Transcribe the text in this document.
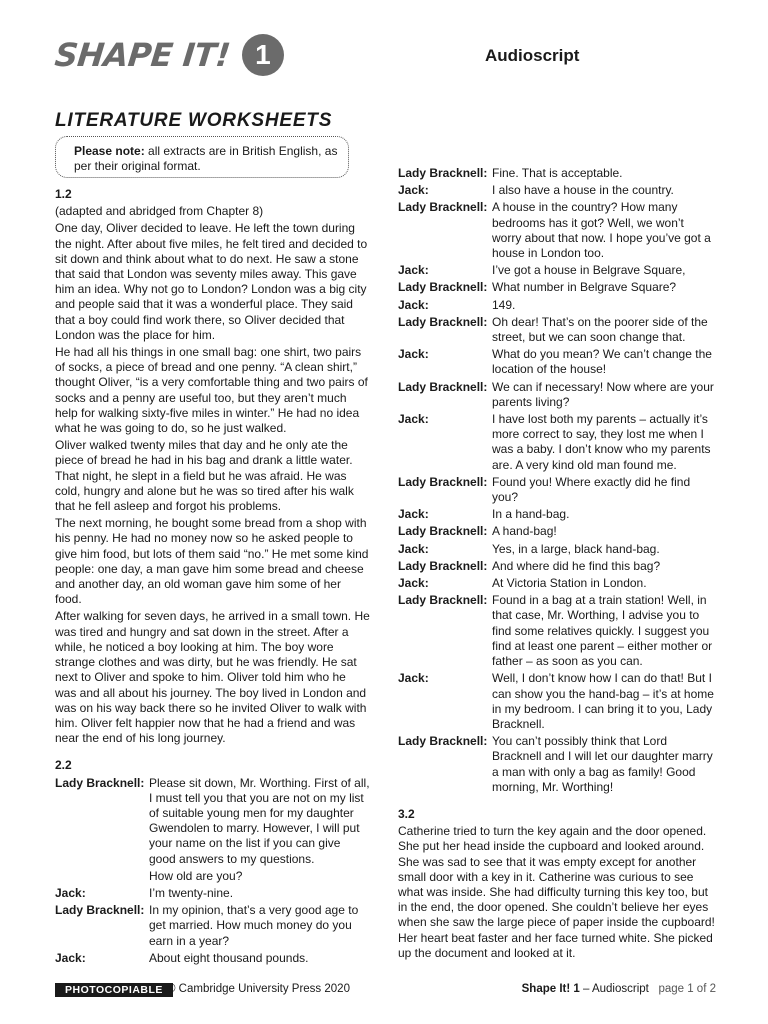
SHAPE IT! 1	Audioscript
LITERATURE WORKSHEETS
Please note: all extracts are in British English, as per their original format.

1.2

(adapted and abridged from Chapter 8)

One day, Oliver decided to leave. He left the town during the night. After about five miles, he felt tired and decided to sit down and think about what to do next. He saw a stone that said that London was seventy miles away. This gave him an idea. Why not go to London? London was a big city and people said that it was a wonderful place. They said that a boy could find work there, so Oliver decided that London was the place for him.

He had all his things in one small bag: one shirt, two pairs of socks, a piece of bread and one penny. “A clean shirt,” thought Oliver, “is a very comfortable thing and two pairs of socks and a penny are useful too, but they aren’t much help for walking sixty-five miles in winter.” He had no idea what he was going to do, so he just walked.

Oliver walked twenty miles that day and he only ate the piece of bread he had in his bag and drank a little water. That night, he slept in a field but he was afraid. He was cold, hungry and alone but he was so tired after his walk that he fell asleep and forgot his problems.

The next morning, he bought some bread from a shop with his penny. He had no money now so he asked people to give him food, but lots of them said “no.” He met some kind people: one day, a man gave him some bread and cheese and another day, an old woman gave him some of her food.

After walking for seven days, he arrived in a small town. He was tired and hungry and sat down in the street. After a while, he noticed a boy looking at him. The boy wore strange clothes and was dirty, but he was friendly. He sat next to Oliver and spoke to him. Oliver told him who he was and all about his journey. The boy lived in London and was on his way back there so he invited Oliver to walk with him. Oliver felt happier now that he had a friend and was near the end of his long journey.

2.2

Lady Bracknell: Please sit down, Mr. Worthing. First of all, I must tell you that you are not on my list of suitable young men for my daughter Gwendolen to marry. However, I will put your name on the list if you can give good answers to my questions.
How old are you?
Jack:	I’m twenty-nine.
Lady Bracknell: In my opinion, that’s a very good age to get married. How much money do you earn in a year?
Jack:	About eight thousand pounds.
Lady Bracknell: Fine. That is acceptable.
Jack:	I also have a house in the country.
Lady Bracknell: A house in the country? How many bedrooms has it got? Well, we won’t worry about that now. I hope you’ve got a house in London too.
Jack:	I’ve got a house in Belgrave Square,
Lady Bracknell: What number in Belgrave Square?
Jack:	149.
Lady Bracknell: Oh dear! That’s on the poorer side of the street, but we can soon change that.
Jack:	What do you mean? We can’t change the location of the house!
Lady Bracknell: We can if necessary! Now where are your parents living?
Jack:	I have lost both my parents – actually it’s more correct to say, they lost me when I was a baby. I don’t know who my parents are. A very kind old man found me.
Lady Bracknell: Found you! Where exactly did he find you?
Jack:	In a hand-bag.
Lady Bracknell: A hand-bag!
Jack:	Yes, in a large, black hand-bag.
Lady Bracknell: And where did he find this bag?
Jack:	At Victoria Station in London.
Lady Bracknell: Found in a bag at a train station! Well, in that case, Mr. Worthing, I advise you to find some relatives quickly. I suggest you find at least one parent – either mother or father – as soon as you can.
Jack:	Well, I don’t know how I can do that! But I can show you the hand-bag – it’s at home in my bedroom. I can bring it to you, Lady Bracknell.
Lady Bracknell: You can’t possibly think that Lord Bracknell and I will let our daughter marry a man with only a bag as family! Good morning, Mr. Worthing!

3.2

Catherine tried to turn the key again and the door opened. She put her head inside the cupboard and looked around. She was sad to see that it was empty except for another small door with a key in it. Catherine was curious to see what was inside. She had difficulty turning this key too, but in the end, the door opened. She couldn’t believe her eyes when she saw the large piece of paper inside the cupboard! Her heart beat faster and her face turned white. She picked up the document and looked at it.

PHOTOCOPIABLE © Cambridge University Press 2020	Shape It! 1 – Audioscript page 1 of 2
